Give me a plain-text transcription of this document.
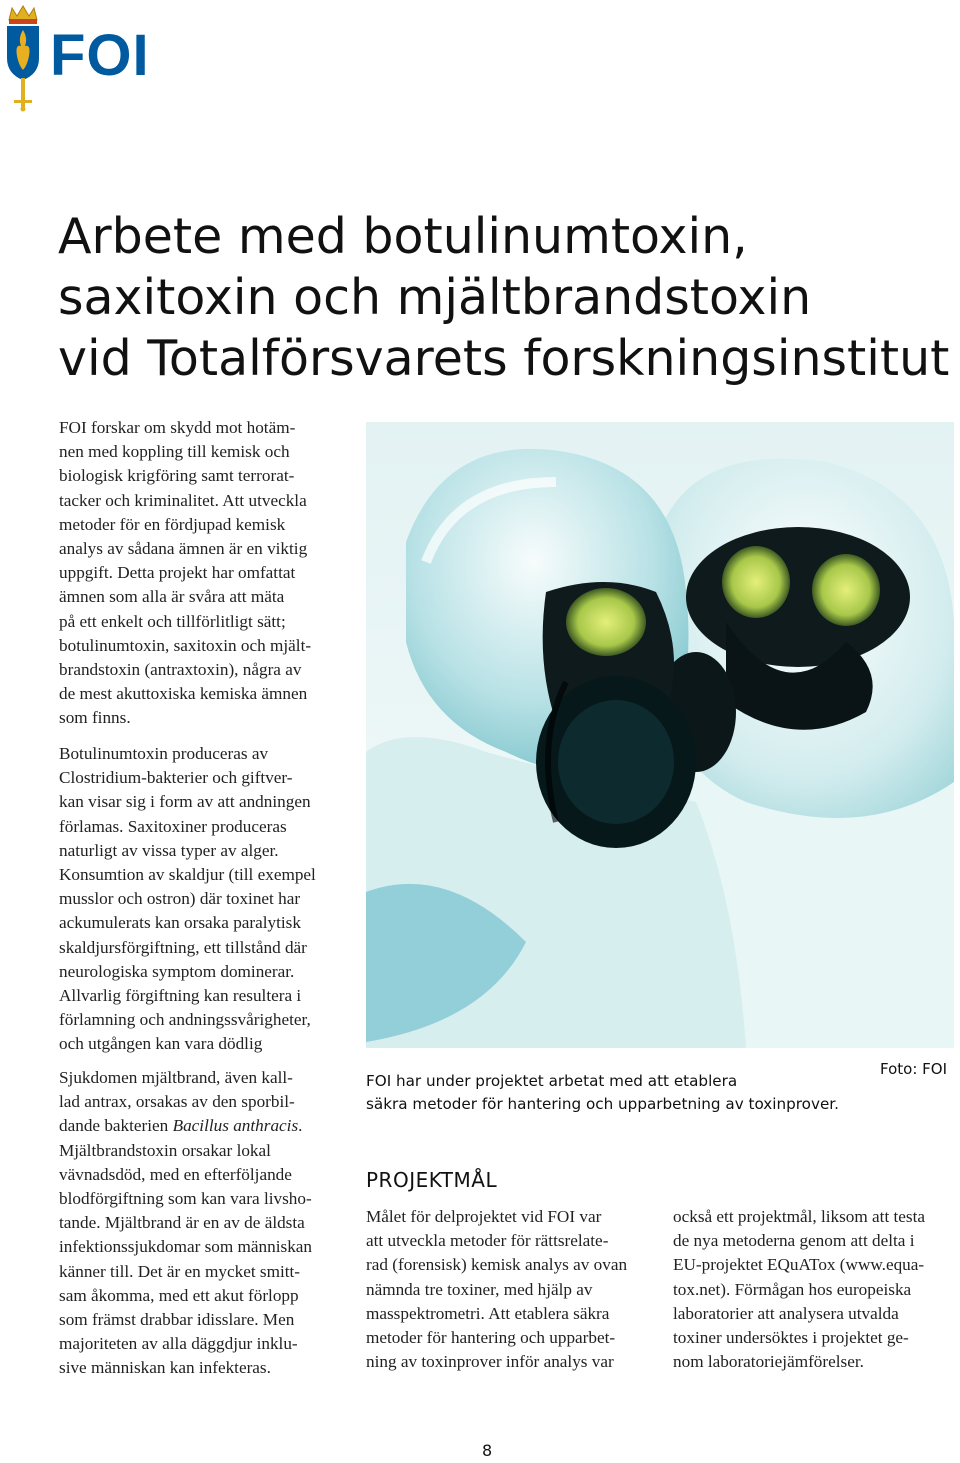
FOI
Arbete med botulinumtoxin,
saxitoxin och mjältbrandstoxin
vid Totalförsvarets forskningsinstitut
FOI forskar om skydd mot hotäm-
nen med koppling till kemisk och
biologisk krigföring samt terrorat-
tacker och kriminalitet. Att utveckla
metoder för en fördjupad kemisk
analys av sådana ämnen är en viktig
uppgift. Detta projekt har omfattat
ämnen som alla är svåra att mäta
på ett enkelt och tillförlitligt sätt;
botulinumtoxin, saxitoxin och mjält-
brandstoxin (antraxtoxin), några av
de mest akuttoxiska kemiska ämnen
som finns.
Botulinumtoxin produceras av
Clostridium-bakterier och giftver-
kan visar sig i form av att andningen
förlamas. Saxitoxiner produceras
naturligt av vissa typer av alger.
Konsumtion av skaldjur (till exempel
musslor och ostron) där toxinet har
ackumulerats kan orsaka paralytisk
skaldjursförgiftning, ett tillstånd där
neurologiska symptom dominerar.
Allvarlig förgiftning kan resultera i
förlamning och andningssvårigheter,
och utgången kan vara dödlig
Sjukdomen mjältbrand, även kall-
lad antrax, orsakas av den sporbil-
dande bakterien Bacillus anthracis.
Mjältbrandstoxin orsakar lokal
vävnadsdöd, med en efterföljande
blodförgiftning som kan vara livsho-
tande. Mjältbrand är en av de äldsta
infektionssjukdomar som människan
känner till. Det är en mycket smitt-
sam åkomma, med ett akut förlopp
som främst drabbar idisslare. Men
majoriteten av alla däggdjur inklu-
sive människan kan infekteras.
Foto: FOI
FOI har under projektet arbetat med att etablera
säkra metoder för hantering och upparbetning av toxinprover.
PROJEKTMÅL
Målet för delprojektet vid FOI var
att utveckla metoder för rättsrelate-
rad (forensisk) kemisk analys av ovan
nämnda tre toxiner, med hjälp av
masspektrometri. Att etablera säkra
metoder för hantering och upparbet-
ning av toxinprover inför analys var
också ett projektmål, liksom att testa
de nya metoderna genom att delta i
EU-projektet EQuATox (www.equa-
tox.net). Förmågan hos europeiska
laboratorier att analysera utvalda
toxiner undersöktes i projektet ge-
nom laboratoriejämförelser.
8
